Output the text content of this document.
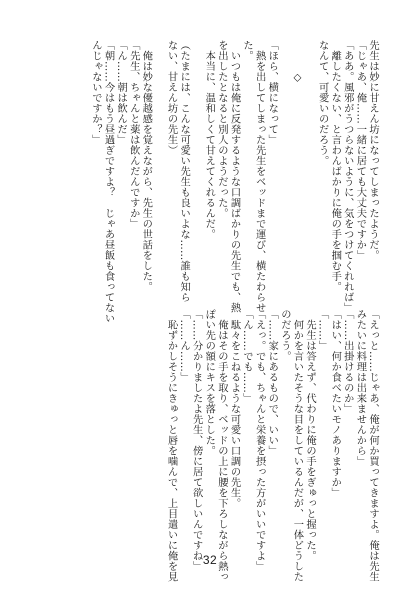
先生は妙に甘えん坊になってしまったようだ。
「じゃあ、俺……一緒に居ても大丈夫ですか」
「ああ。風邪がうつらないように、気をつけてくれれば」
　離したくない、と言わんばかりに俺の手を掴む手。
なんて、可愛いのだろう。

　　　◇

「ほら、横になって」
　熱を出してしまった先生をベッドまで運び、横たわらせ
た。
　いつもは俺に反発するような口調ばかりの先生でも、熱
を出したとなると別人のようだった。
　本当に、温和しくて甘えてくれるんだ。

（たまには、こんな可愛い先生も良いよな……誰も知ら
ない、甘えん坊の先生）

　俺は妙な優越感を覚えながら、先生の世話をした。
「先生、ちゃんと薬は飲んだんですか」
「ん……朝は飲んだ」
「朝……今はもう昼過ぎですよ？　じゃあ昼飯も食ってない
んじゃないですか？」
「えっと……じゃあ、俺が何か買ってきますよ。俺は先生
みたいに料理は出来ませんから」
「……出掛けるのか」
「はい、何か食べたいモノありますか」
「……」
　先生は答えず、代わりに俺の手をぎゅっと握った。
　何かを言いたそうな目をしているんだが、一体どうした
のだろう。
「……家にあるもので、いい」
「えっ。でも、ちゃんと栄養を摂った方がいいですよ」
「ん……でも……」
　駄々をこねるような可愛い口調の先生。
　俺はその手を取り、ベッドの上に腰を下ろしながら熱っ
ぽい先の額にキスを落とした。
「……分かりましたよ先生、傍に居て欲しいんですね」
「……ん……」
　恥ずかしそうにきゅっと唇を噛んで、上目遣いに俺を見	32
